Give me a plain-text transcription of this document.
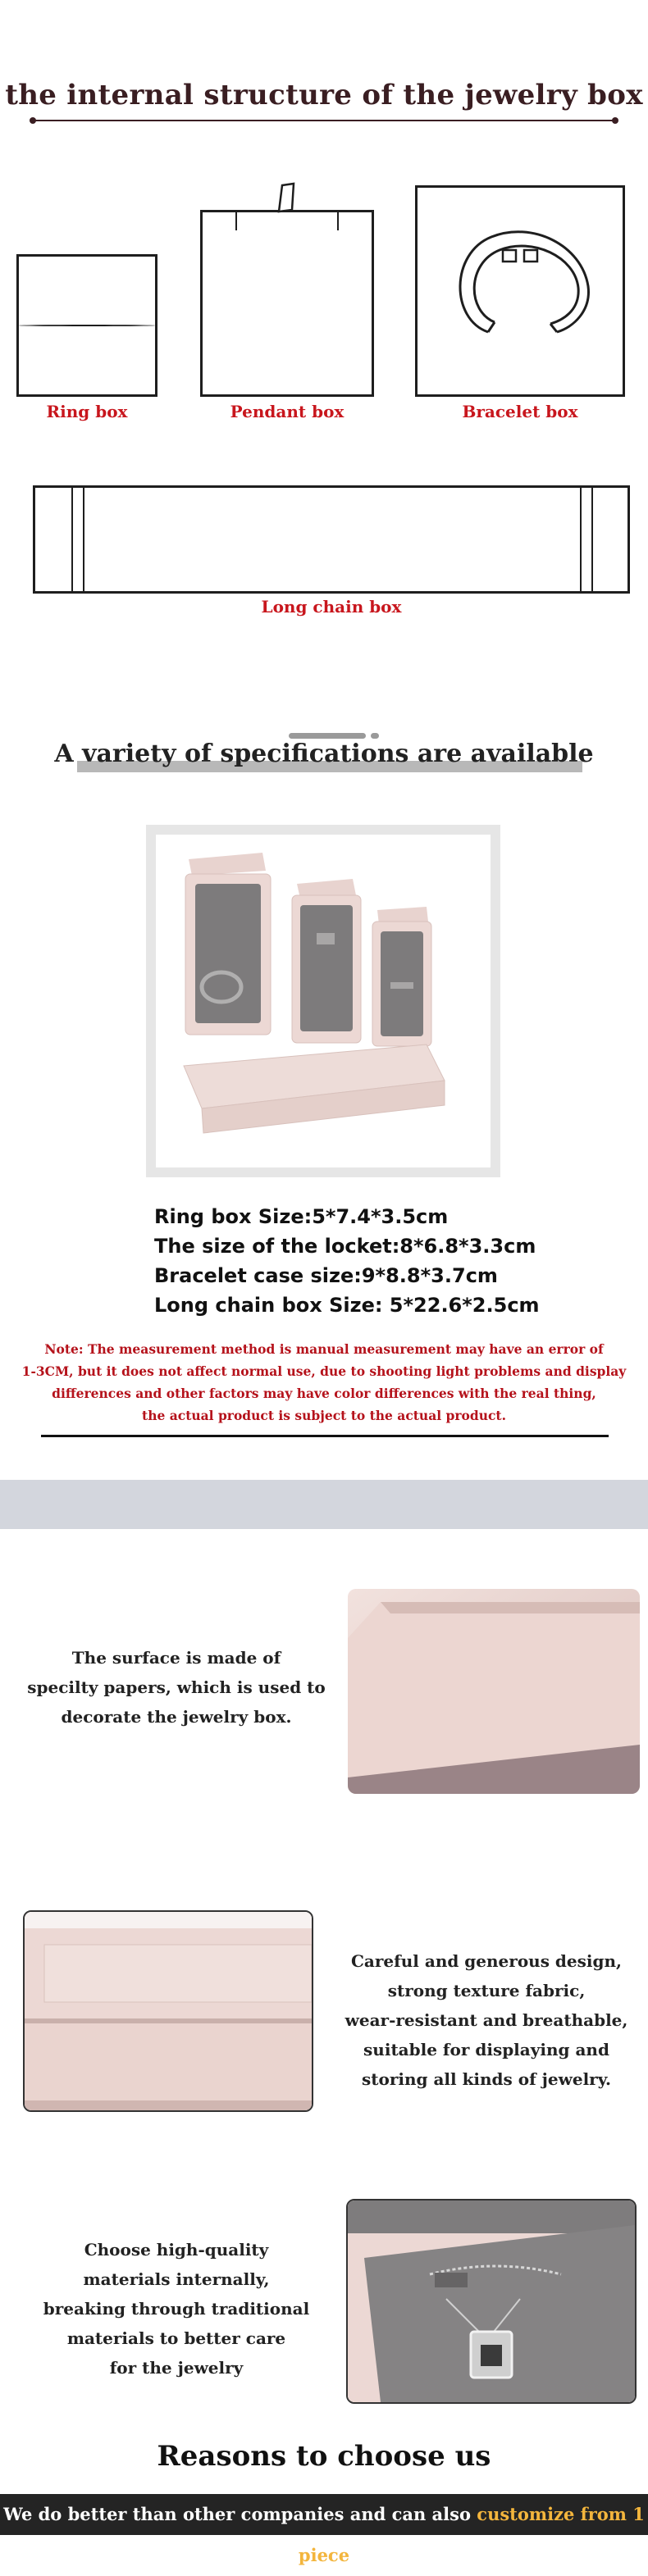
the internal structure of the jewelry box
Ring box	Pendant box	Bracelet box
Long chain box
A variety of specifications are available
Ring box Size:5*7.4*3.5cm
The size of the locket:8*6.8*3.3cm
Bracelet case size:9*8.8*3.7cm
Long chain box Size: 5*22.6*2.5cm
Note: The measurement method is manual measurement may have an error of
1-3CM, but it does not affect normal use, due to shooting light problems and display
differences and other factors may have color differences with the real thing,
the actual product is subject to the actual product.
The surface is made of
specilty papers, which is used to
decorate the jewelry box.
Careful and generous design,
strong texture fabric,
wear-resistant and breathable,
suitable for displaying and
storing all kinds of jewelry.
Choose high-quality
materials internally,
breaking through traditional
materials to better care
for the jewelry
Reasons to choose us
We do better than other companies and can also customize from 1 piece
